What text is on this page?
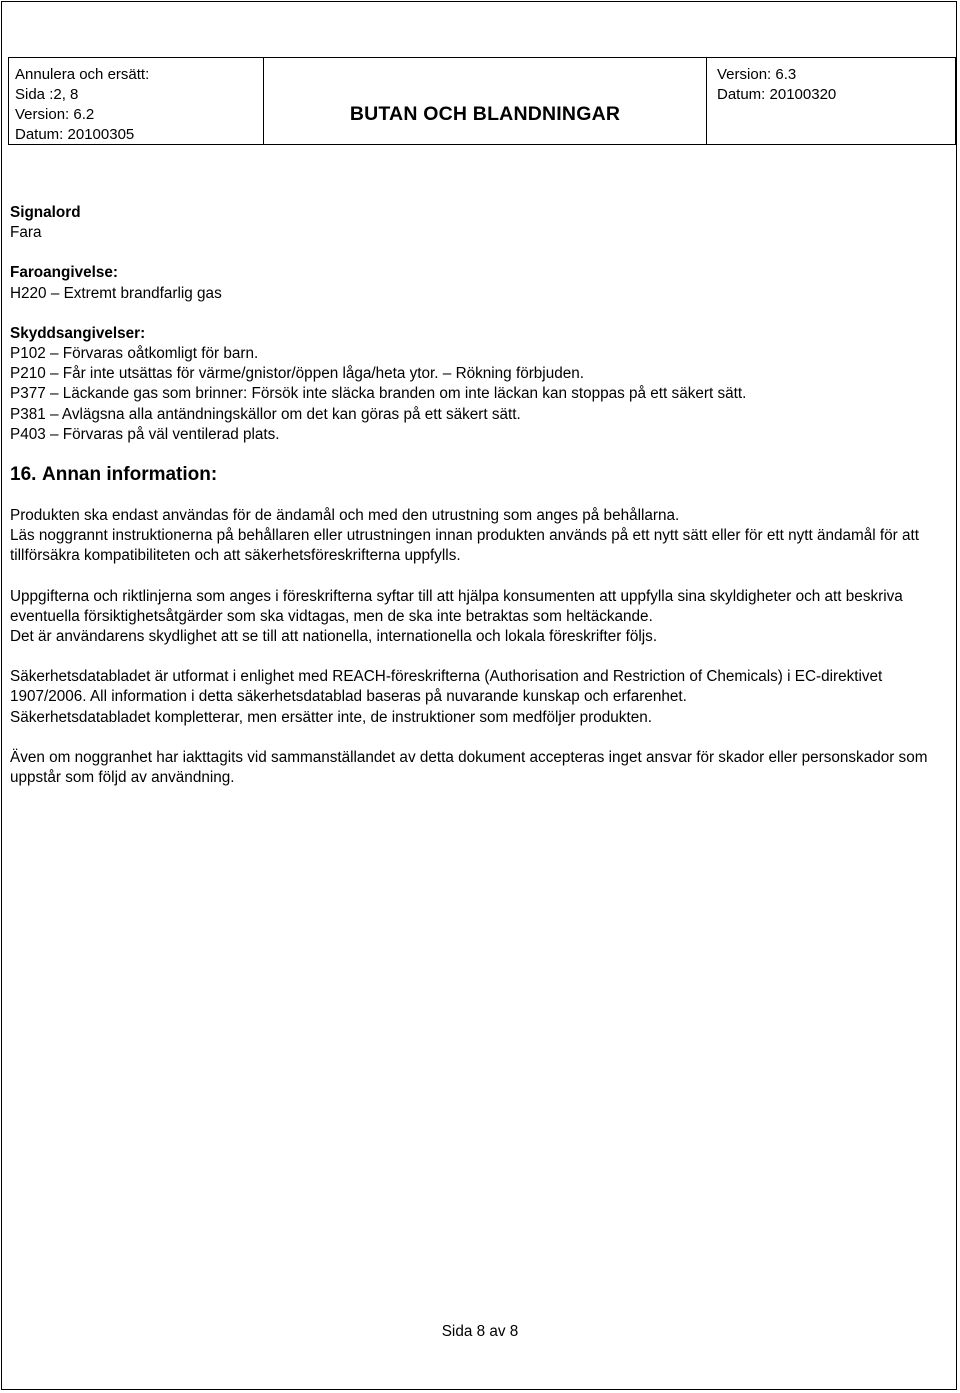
Annulera och ersätt:
Sida :2, 8
Version: 6.2
Datum: 20100305
BUTAN OCH BLANDNINGAR
Version: 6.3
Datum: 20100320

Signalord

Fara

Faroangivelse:

H220 – Extremt brandfarlig gas

Skyddsangivelser:

P102 – Förvaras oåtkomligt för barn.

P210 – Får inte utsättas för värme/gnistor/öppen låga/heta ytor. – Rökning förbjuden.

P377 – Läckande gas som brinner: Försök inte släcka branden om inte läckan kan stoppas på ett säkert sätt.

P381 – Avlägsna alla antändningskällor om det kan göras på ett säkert sätt.

P403 – Förvaras på väl ventilerad plats.

16. Annan information:

Produkten ska endast användas för de ändamål och med den utrustning som anges på behållarna.

Läs noggrannt instruktionerna på behållaren eller utrustningen innan produkten används på ett nytt sätt eller för ett nytt ändamål för att tillförsäkra kompatibiliteten och att säkerhetsföreskrifterna uppfylls.

Uppgifterna och riktlinjerna som anges i föreskrifterna syftar till att hjälpa konsumenten att uppfylla sina skyldigheter och att beskriva eventuella försiktighetsåtgärder som ska vidtagas, men de ska inte betraktas som heltäckande.

Det är användarens skydlighet att se till att nationella, internationella och lokala föreskrifter följs.

Säkerhetsdatabladet är utformat i enlighet med REACH-föreskrifterna (Authorisation and Restriction of Chemicals) i EC-direktivet 1907/2006. All information i detta säkerhetsdatablad baseras på nuvarande kunskap och erfarenhet.

Säkerhetsdatabladet kompletterar, men ersätter inte, de instruktioner som medföljer produkten.

Även om noggranhet har iakttagits vid sammanställandet av detta dokument accepteras inget ansvar för skador eller personskador som uppstår som följd av användning.

Sida 8 av 8
